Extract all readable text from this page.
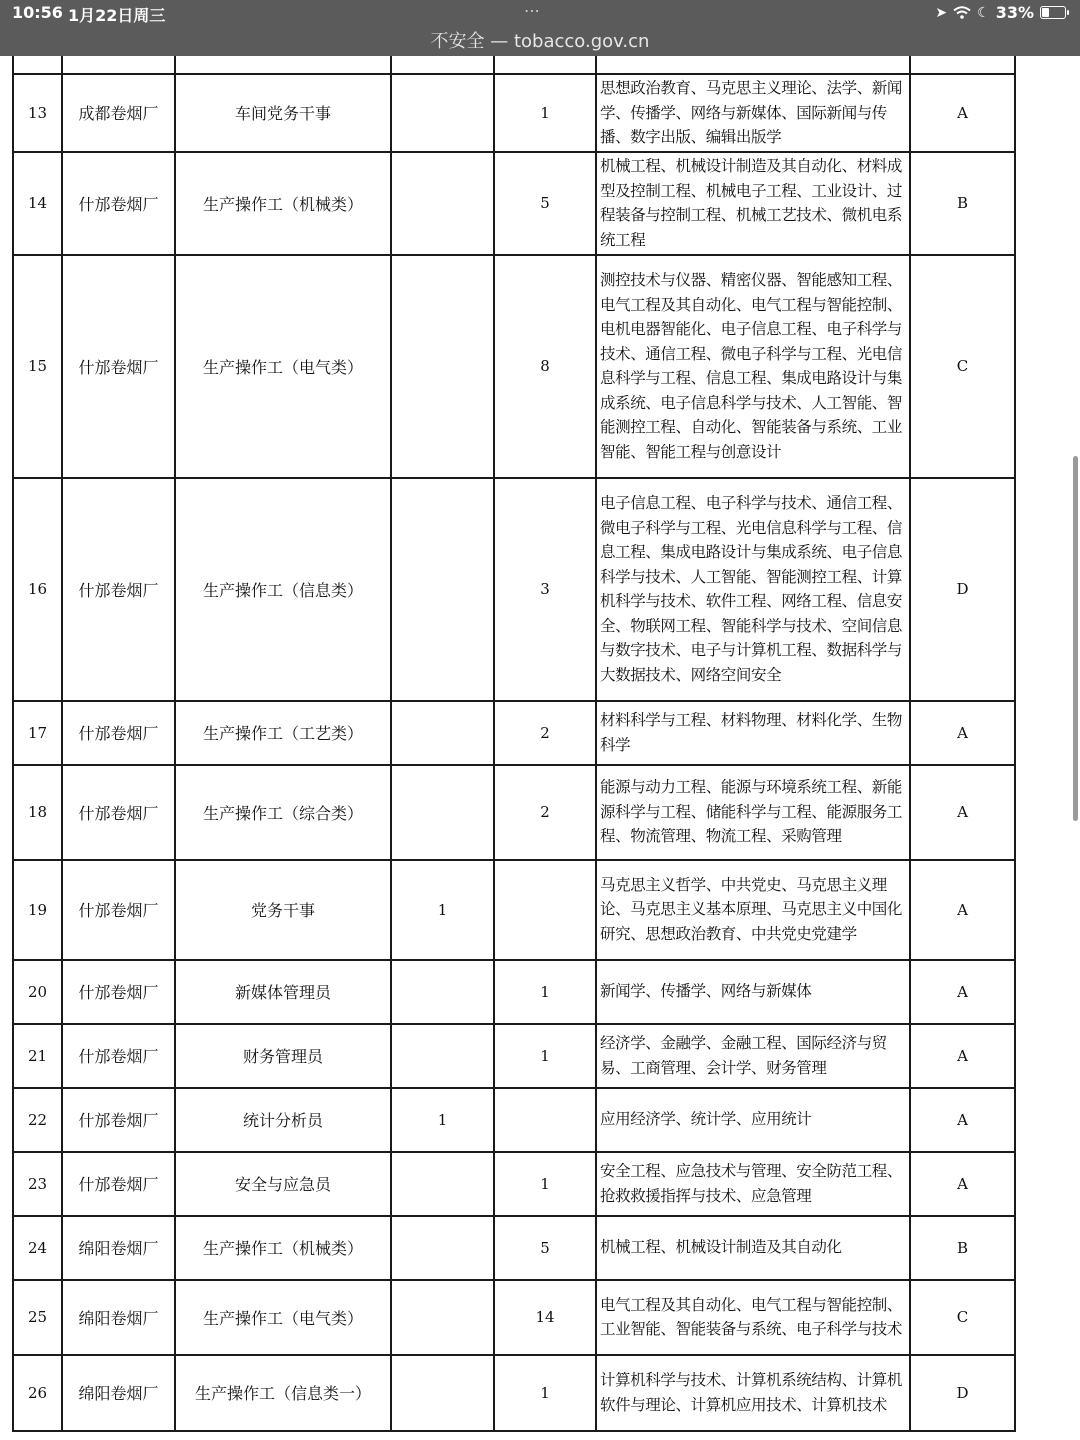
10:56 1月22日周三	⋯	➤ ☾ 33%
不安全 — tobacco.gov.cn

13	成都卷烟厂	车间党务干事		1	思想政治教育、马克思主义理论、法学、新闻学、传播学、网络与新媒体、国际新闻与传播、数字出版、编辑出版学	A
14	什邡卷烟厂	生产操作工（机械类）		5	机械工程、机械设计制造及其自动化、材料成型及控制工程、机械电子工程、工业设计、过程装备与控制工程、机械工艺技术、微机电系统工程	B
15	什邡卷烟厂	生产操作工（电气类）		8	测控技术与仪器、精密仪器、智能感知工程、电气工程及其自动化、电气工程与智能控制、电机电器智能化、电子信息工程、电子科学与技术、通信工程、微电子科学与工程、光电信息科学与工程、信息工程、集成电路设计与集成系统、电子信息科学与技术、人工智能、智能测控工程、自动化、智能装备与系统、工业智能、智能工程与创意设计	C
16	什邡卷烟厂	生产操作工（信息类）		3	电子信息工程、电子科学与技术、通信工程、微电子科学与工程、光电信息科学与工程、信息工程、集成电路设计与集成系统、电子信息科学与技术、人工智能、智能测控工程、计算机科学与技术、软件工程、网络工程、信息安全、物联网工程、智能科学与技术、空间信息与数字技术、电子与计算机工程、数据科学与大数据技术、网络空间安全	D
17	什邡卷烟厂	生产操作工（工艺类）		2	材料科学与工程、材料物理、材料化学、生物科学	A
18	什邡卷烟厂	生产操作工（综合类）		2	能源与动力工程、能源与环境系统工程、新能源科学与工程、储能科学与工程、能源服务工程、物流管理、物流工程、采购管理	A
19	什邡卷烟厂	党务干事	1		马克思主义哲学、中共党史、马克思主义理论、马克思主义基本原理、马克思主义中国化研究、思想政治教育、中共党史党建学	A
20	什邡卷烟厂	新媒体管理员		1	新闻学、传播学、网络与新媒体	A
21	什邡卷烟厂	财务管理员		1	经济学、金融学、金融工程、国际经济与贸易、工商管理、会计学、财务管理	A
22	什邡卷烟厂	统计分析员	1		应用经济学、统计学、应用统计	A
23	什邡卷烟厂	安全与应急员		1	安全工程、应急技术与管理、安全防范工程、抢救救援指挥与技术、应急管理	A
24	绵阳卷烟厂	生产操作工（机械类）		5	机械工程、机械设计制造及其自动化	B
25	绵阳卷烟厂	生产操作工（电气类）		14	电气工程及其自动化、电气工程与智能控制、工业智能、智能装备与系统、电子科学与技术	C
26	绵阳卷烟厂	生产操作工（信息类一）		1	计算机科学与技术、计算机系统结构、计算机软件与理论、计算机应用技术、计算机技术	D
